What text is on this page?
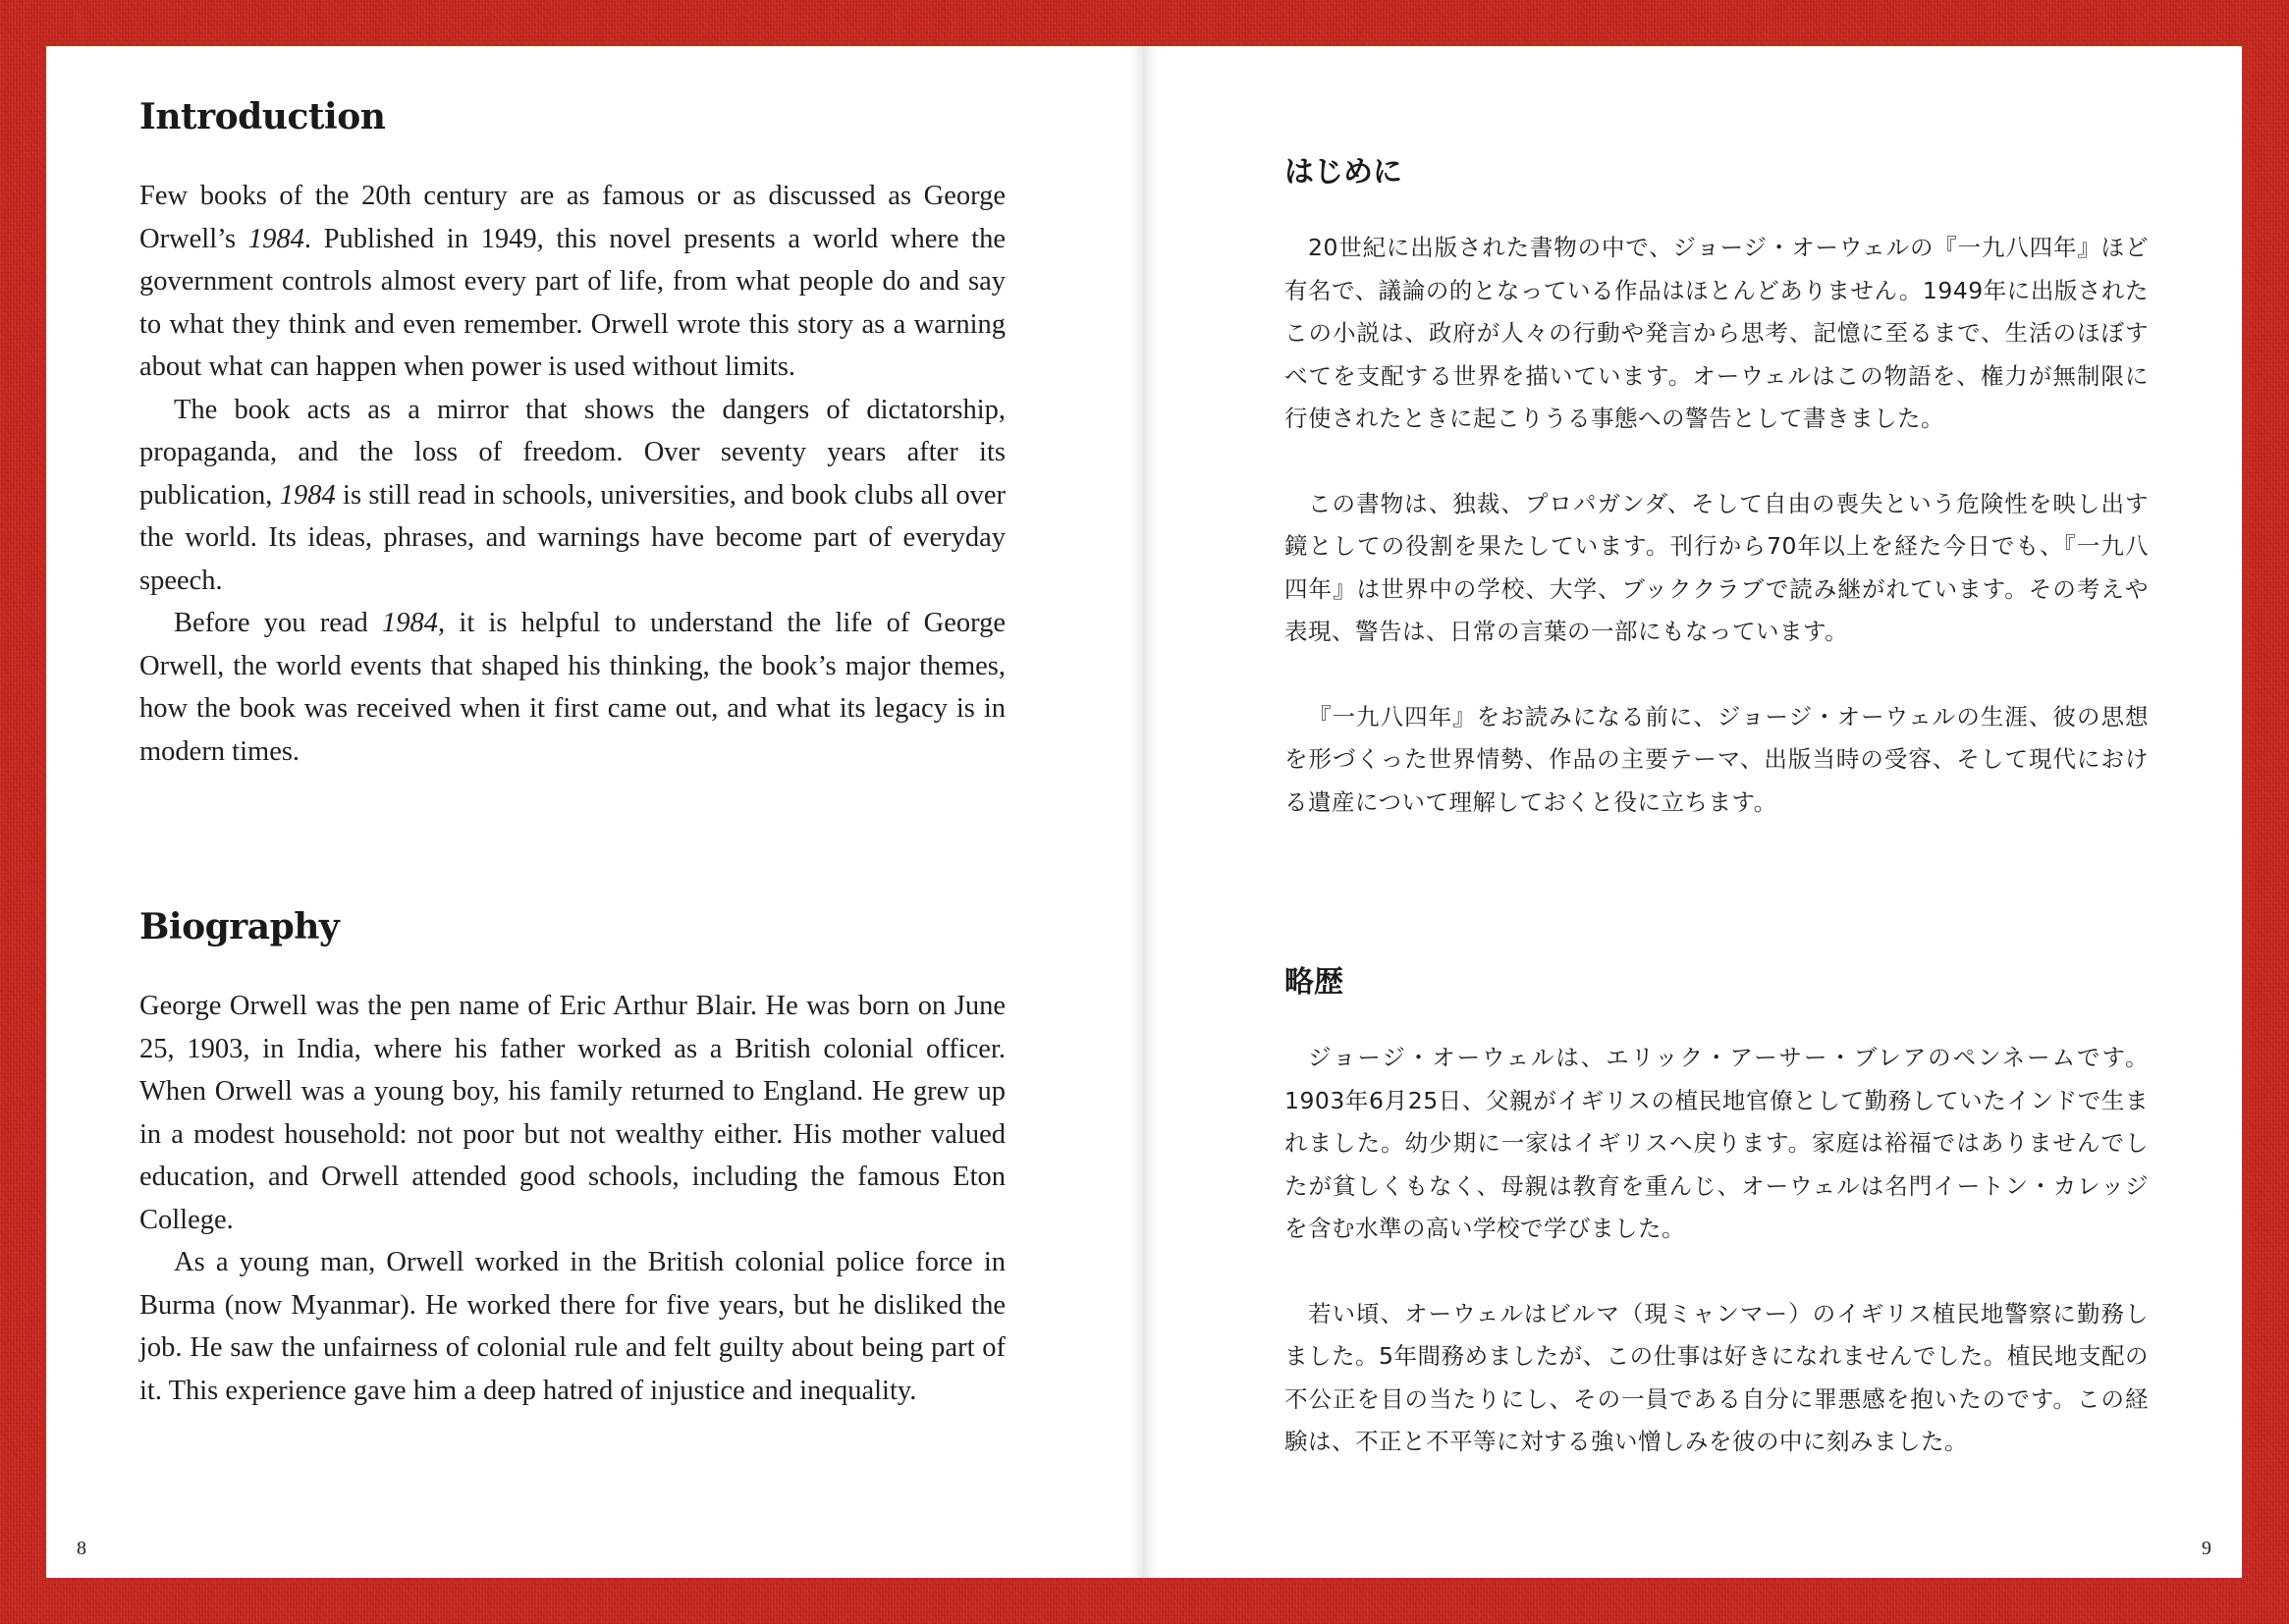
Introduction

Few books of the 20th century are as famous or as discussed as George Orwell’s 1984. Published in 1949, this novel presents a world where the government controls almost every part of life, from what people do and say to what they think and even remember. Orwell wrote this story as a warning about what can happen when power is used without limits.

The book acts as a mirror that shows the dangers of dictatorship, propaganda, and the loss of freedom. Over seventy years after its publication, 1984 is still read in schools, universities, and book clubs all over the world. Its ideas, phrases, and warnings have become part of everyday speech.

Before you read 1984, it is helpful to understand the life of George Orwell, the world events that shaped his thinking, the book’s major themes, how the book was received when it first came out, and what its legacy is in modern times.

Biography

George Orwell was the pen name of Eric Arthur Blair. He was born on June 25, 1903, in India, where his father worked as a British colonial officer. When Orwell was a young boy, his family returned to England. He grew up in a modest household: not poor but not wealthy either. His mother valued education, and Orwell attended good schools, including the famous Eton College.

As a young man, Orwell worked in the British colonial police force in Burma (now Myanmar). He worked there for five years, but he disliked the job. He saw the unfairness of colonial rule and felt guilty about being part of it. This experience gave him a deep hatred of injustice and inequality.

8
はじめに

20世紀に出版された書物の中で、ジョージ・オーウェルの『一九八四年』ほど有名で、議論の的となっている作品はほとんどありません。1949年に出版されたこの小説は、政府が人々の行動や発言から思考、記憶に至るまで、生活のほぼすべてを支配する世界を描いています。オーウェルはこの物語を、権力が無制限に行使されたときに起こりうる事態への警告として書きました。

この書物は、独裁、プロパガンダ、そして自由の喪失という危険性を映し出す鏡としての役割を果たしています。刊行から70年以上を経た今日でも、『一九八四年』は世界中の学校、大学、ブッククラブで読み継がれています。その考えや表現、警告は、日常の言葉の一部にもなっています。

『一九八四年』をお読みになる前に、ジョージ・オーウェルの生涯、彼の思想を形づくった世界情勢、作品の主要テーマ、出版当時の受容、そして現代における遺産について理解しておくと役に立ちます。

略歴

ジョージ・オーウェルは、エリック・アーサー・ブレアのペンネームです。1903年6月25日、父親がイギリスの植民地官僚として勤務していたインドで生まれました。幼少期に一家はイギリスへ戻ります。家庭は裕福ではありませんでしたが貧しくもなく、母親は教育を重んじ、オーウェルは名門イートン・カレッジを含む水準の高い学校で学びました。

若い頃、オーウェルはビルマ（現ミャンマー）のイギリス植民地警察に勤務しました。5年間務めましたが、この仕事は好きになれませんでした。植民地支配の不公正を目の当たりにし、その一員である自分に罪悪感を抱いたのです。この経験は、不正と不平等に対する強い憎しみを彼の中に刻みました。

9
